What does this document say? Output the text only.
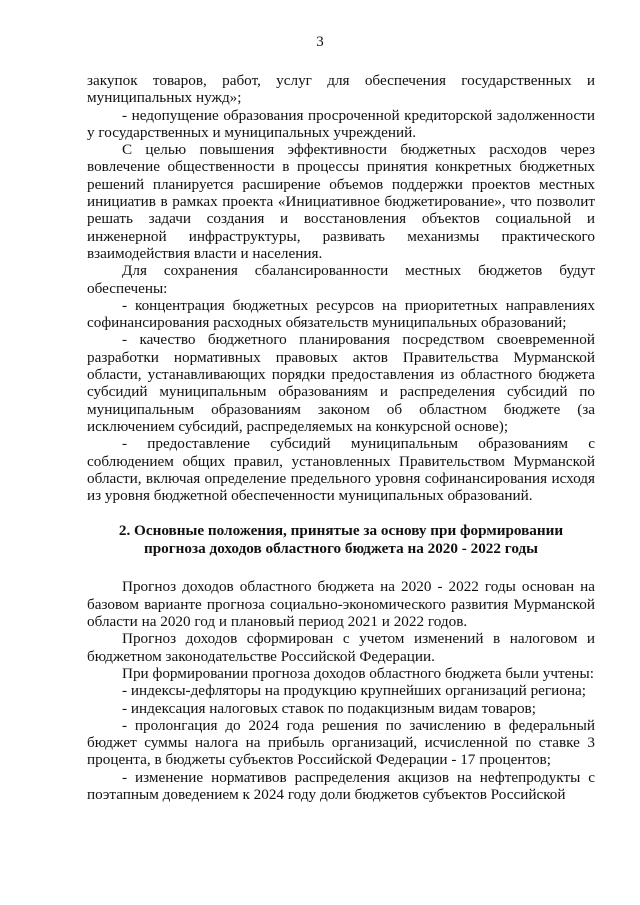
3

закупок товаров, работ, услуг для обеспечения государственных и муниципальных нужд»;

- недопущение образования просроченной кредиторской задолженности у государственных и муниципальных учреждений.

С целью повышения эффективности бюджетных расходов через вовлечение общественности в процессы принятия конкретных бюджетных решений планируется расширение объемов поддержки проектов местных инициатив в рамках проекта «Инициативное бюджетирование», что позволит решать задачи создания и восстановления объектов социальной и инженерной инфраструктуры, развивать механизмы практического взаимодействия власти и населения.

Для сохранения сбалансированности местных бюджетов будут обеспечены:

- концентрация бюджетных ресурсов на приоритетных направлениях софинансирования расходных обязательств муниципальных образований;

- качество бюджетного планирования посредством своевременной разработки нормативных правовых актов Правительства Мурманской области, устанавливающих порядки предоставления из областного бюджета субсидий муниципальным образованиям и распределения субсидий по муниципальным образованиям законом об областном бюджете (за исключением субсидий, распределяемых на конкурсной основе);

- предоставление субсидий муниципальным образованиям с соблюдением общих правил, установленных Правительством Мурманской области, включая определение предельного уровня софинансирования исходя из уровня бюджетной обеспеченности муниципальных образований.

2. Основные положения, принятые за основу при формировании прогноза доходов областного бюджета на 2020 - 2022 годы

Прогноз доходов областного бюджета на 2020 - 2022 годы основан на базовом варианте прогноза социально-экономического развития Мурманской области на 2020 год и плановый период 2021 и 2022 годов.

Прогноз доходов сформирован с учетом изменений в налоговом и бюджетном законодательстве Российской Федерации.

При формировании прогноза доходов областного бюджета были учтены:

- индексы-дефляторы на продукцию крупнейших организаций региона;

- индексация налоговых ставок по подакцизным видам товаров;

- пролонгация до 2024 года решения по зачислению в федеральный бюджет суммы налога на прибыль организаций, исчисленной по ставке 3 процента, в бюджеты субъектов Российской Федерации - 17 процентов;

- изменение нормативов распределения акцизов на нефтепродукты с поэтапным доведением к 2024 году доли бюджетов субъектов Российской
